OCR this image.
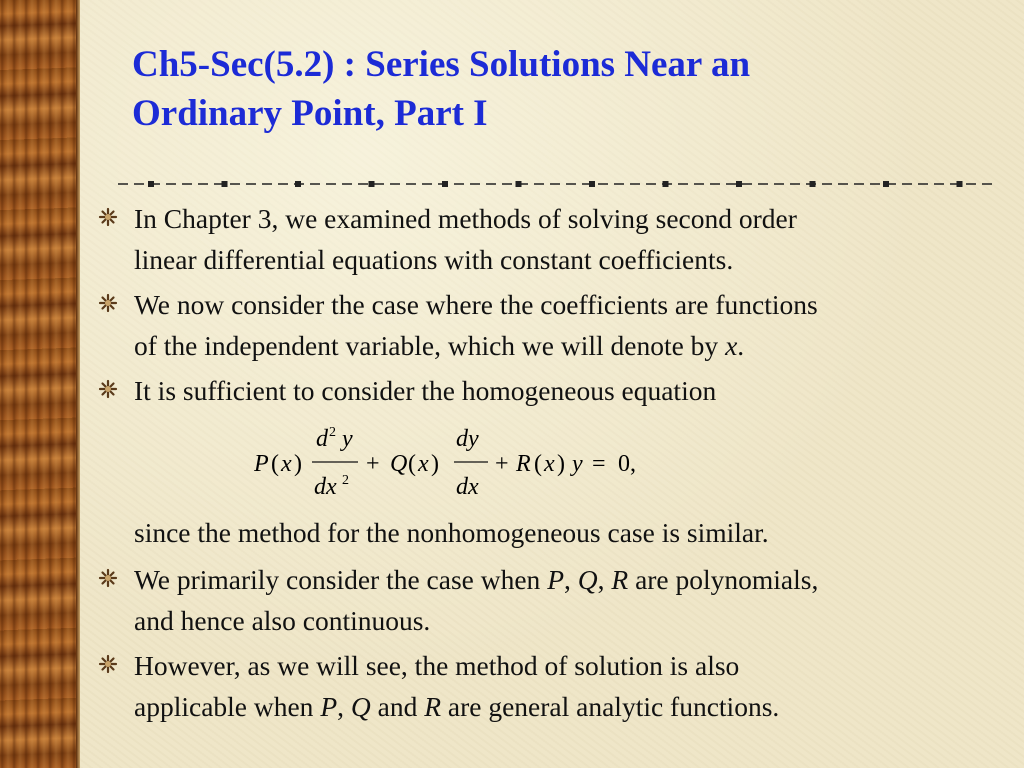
Ch5-Sec(5.2) : Series Solutions Near an
Ordinary Point, Part I
In Chapter 3, we examined methods of solving second order
linear differential equations with constant coefficients.
We now consider the case where the coefficients are functions
of the independent variable, which we will denote by x.
It is sufficient to consider the homogeneous equation
P ( x )
d 2 y
dx 2
+ Q ( x )
dy
dx
+ R ( x ) y = 0,
since the method for the nonhomogeneous case is similar.
We primarily consider the case when P, Q, R are polynomials,
and hence also continuous.
However, as we will see, the method of solution is also
applicable when P, Q and R are general analytic functions.
